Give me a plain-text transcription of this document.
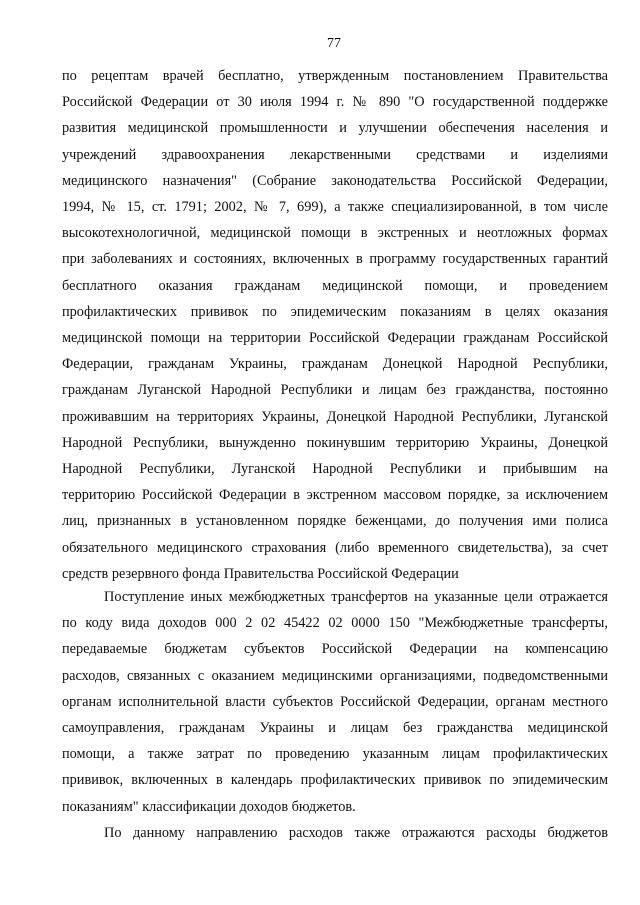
77
по рецептам врачей бесплатно, утвержденным постановлением Правительства
Российской Федерации от 30 июля 1994 г. № 890 "О государственной поддержке
развития медицинской промышленности и улучшении обеспечения населения и
учреждений здравоохранения лекарственными средствами и изделиями
медицинского назначения" (Собрание законодательства Российской Федерации,
1994, № 15, ст. 1791; 2002, № 7, 699), а также специализированной, в том числе
высокотехнологичной, медицинской помощи в экстренных и неотложных формах
при заболеваниях и состояниях, включенных в программу государственных гарантий
бесплатного оказания гражданам медицинской помощи, и проведением
профилактических прививок по эпидемическим показаниям в целях оказания
медицинской помощи на территории Российской Федерации гражданам Российской
Федерации, гражданам Украины, гражданам Донецкой Народной Республики,
гражданам Луганской Народной Республики и лицам без гражданства, постоянно
проживавшим на территориях Украины, Донецкой Народной Республики, Луганской
Народной Республики, вынужденно покинувшим территорию Украины, Донецкой
Народной Республики, Луганской Народной Республики и прибывшим на
территорию Российской Федерации в экстренном массовом порядке, за исключением
лиц, признанных в установленном порядке беженцами, до получения ими полиса
обязательного медицинского страхования (либо временного свидетельства), за счет
средств резервного фонда Правительства Российской Федерации
Поступление иных межбюджетных трансфертов на указанные цели отражается
по коду вида доходов 000 2 02 45422 02 0000 150 "Межбюджетные трансферты,
передаваемые бюджетам субъектов Российской Федерации на компенсацию
расходов, связанных с оказанием медицинскими организациями, подведомственными
органам исполнительной власти субъектов Российской Федерации, органам местного
самоуправления, гражданам Украины и лицам без гражданства медицинской
помощи, а также затрат по проведению указанным лицам профилактических
прививок, включенных в календарь профилактических прививок по эпидемическим
показаниям" классификации доходов бюджетов.
По данному направлению расходов также отражаются расходы бюджетов
